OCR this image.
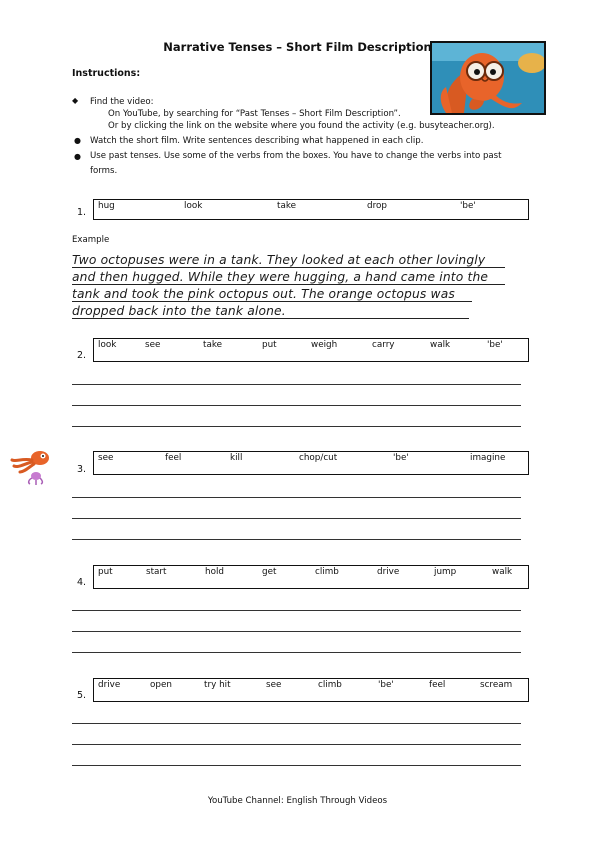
Narrative Tenses – Short Film Description
Instructions:
◆ Find the video:
On YouTube, by searching for “Past Tenses – Short Film Description”.
Or by clicking the link on the website where you found the activity (e.g. busyteacher.org).
● Watch the short film. Write sentences describing what happened in each clip.
● Use past tenses. Use some of the verbs from the boxes. You have to change the verbs into past
forms.
1.
hug	look	take	drop	'be'
Example
Two octopuses were in a tank. They looked at each other lovingly
and then hugged. While they were hugging, a hand came into the
tank and took the pink octopus out. The orange octopus was
dropped back into the tank alone.
2.
look	see	take	put	weigh	carry	walk	'be'
3.
see	feel	kill	chop/cut	'be'	imagine
4.
put	start	hold	get	climb	drive	jump	walk
5.
drive	open	try hit	see	climb	'be'	feel	scream
YouTube Channel: English Through Videos
